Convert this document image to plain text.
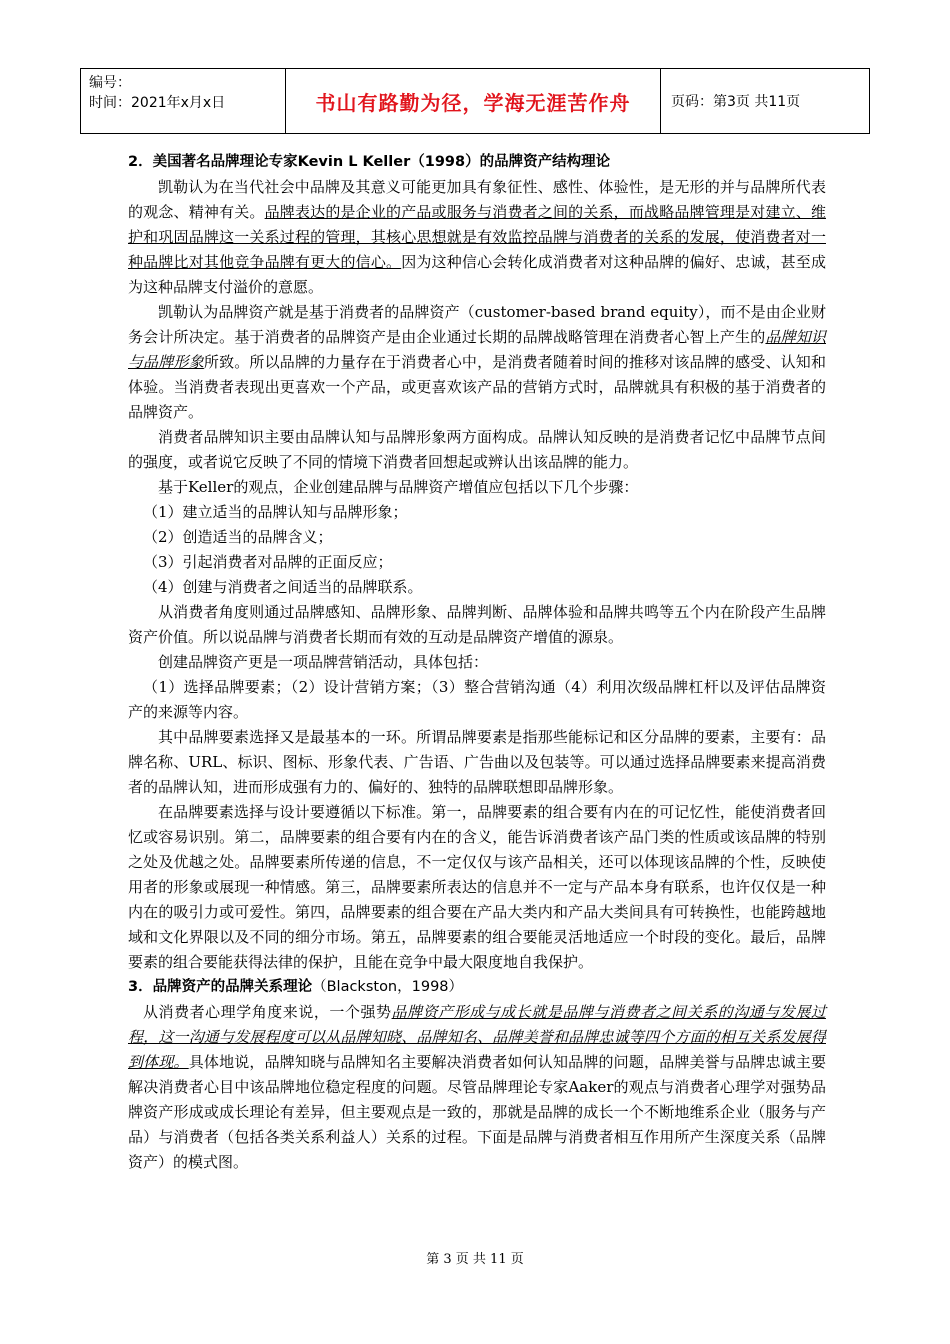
编号：
时间：2021年x月x日	书山有路勤为径，学海无涯苦作舟	页码：第3页 共11页

2．美国著名品牌理论专家Kevin L Keller（1998）的品牌资产结构理论

凯勒认为在当代社会中品牌及其意义可能更加具有象征性、感性、体验性，是无形的并与品牌所代表的观念、精神有关。品牌表达的是企业的产品或服务与消费者之间的关系，而战略品牌管理是对建立、维护和巩固品牌这一关系过程的管理，其核心思想就是有效监控品牌与消费者的关系的发展，使消费者对一种品牌比对其他竞争品牌有更大的信心。因为这种信心会转化成消费者对这种品牌的偏好、忠诚，甚至成为这种品牌支付溢价的意愿。

凯勒认为品牌资产就是基于消费者的品牌资产（customer-based brand equity），而不是由企业财务会计所决定。基于消费者的品牌资产是由企业通过长期的品牌战略管理在消费者心智上产生的品牌知识与品牌形象所致。所以品牌的力量存在于消费者心中，是消费者随着时间的推移对该品牌的感受、认知和体验。当消费者表现出更喜欢一个产品，或更喜欢该产品的营销方式时，品牌就具有积极的基于消费者的品牌资产。

消费者品牌知识主要由品牌认知与品牌形象两方面构成。品牌认知反映的是消费者记忆中品牌节点间的强度，或者说它反映了不同的情境下消费者回想起或辨认出该品牌的能力。

基于Keller的观点，企业创建品牌与品牌资产增值应包括以下几个步骤：

（1）建立适当的品牌认知与品牌形象；

（2）创造适当的品牌含义；

（3）引起消费者对品牌的正面反应；

（4）创建与消费者之间适当的品牌联系。

从消费者角度则通过品牌感知、品牌形象、品牌判断、品牌体验和品牌共鸣等五个内在阶段产生品牌资产价值。所以说品牌与消费者长期而有效的互动是品牌资产增值的源泉。

创建品牌资产更是一项品牌营销活动，具体包括：

（1）选择品牌要素；（2）设计营销方案；（3）整合营销沟通（4）利用次级品牌杠杆以及评估品牌资产的来源等内容。

其中品牌要素选择又是最基本的一环。所谓品牌要素是指那些能标记和区分品牌的要素，主要有：品牌名称、URL、标识、图标、形象代表、广告语、广告曲以及包装等。可以通过选择品牌要素来提高消费者的品牌认知，进而形成强有力的、偏好的、独特的品牌联想即品牌形象。

在品牌要素选择与设计要遵循以下标准。第一，品牌要素的组合要有内在的可记忆性，能使消费者回忆或容易识别。第二，品牌要素的组合要有内在的含义，能告诉消费者该产品门类的性质或该品牌的特别之处及优越之处。品牌要素所传递的信息，不一定仅仅与该产品相关，还可以体现该品牌的个性，反映使用者的形象或展现一种情感。第三，品牌要素所表达的信息并不一定与产品本身有联系，也许仅仅是一种内在的吸引力或可爱性。第四，品牌要素的组合要在产品大类内和产品大类间具有可转换性，也能跨越地域和文化界限以及不同的细分市场。第五，品牌要素的组合要能灵活地适应一个时段的变化。最后，品牌要素的组合要能获得法律的保护，且能在竞争中最大限度地自我保护。

3．品牌资产的品牌关系理论（Blackston，1998）

从消费者心理学角度来说，一个强势品牌资产形成与成长就是品牌与消费者之间关系的沟通与发展过程，这一沟通与发展程度可以从品牌知晓、品牌知名、品牌美誉和品牌忠诚等四个方面的相互关系发展得到体现。具体地说，品牌知晓与品牌知名主要解决消费者如何认知品牌的问题，品牌美誉与品牌忠诚主要解决消费者心目中该品牌地位稳定程度的问题。尽管品牌理论专家Aaker的观点与消费者心理学对强势品牌资产形成或成长理论有差异，但主要观点是一致的，那就是品牌的成长一个不断地维系企业（服务与产品）与消费者（包括各类关系利益人）关系的过程。下面是品牌与消费者相互作用所产生深度关系（品牌资产）的模式图。

第 3 页 共 11 页
